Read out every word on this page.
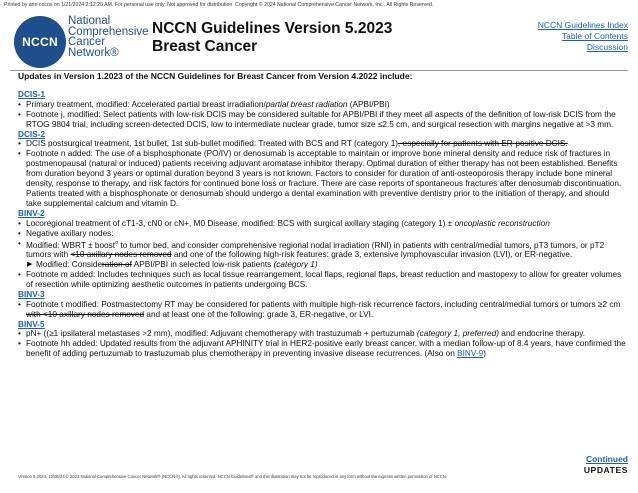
Printed by ann cocos on 1/21/2024 2:12:20 AM. For personal use only. Not approved for distribution. Copyright © 2024 National Comprehensive Cancer Network, Inc., All Rights Reserved.
NCCN
National
Comprehensive
Cancer
Network®
NCCN Guidelines Version 5.2023
Breast Cancer
NCCN Guidelines Index
Table of Contents
Discussion
Updates in Version 1.2023 of the NCCN Guidelines for Breast Cancer from Version 4.2022 include:
DCIS-1
• Primary treatment, modified: Accelerated partial breast irradiation/partial breast radiation (APBI/PBI)
• Footnote j, modified: Select patients with low-risk DCIS may be considered suitable for APBI/PBI if they meet all aspects of the definition of low-risk DCIS from the RTOG 9804 trial, including screen-detected DCIS, low to intermediate nuclear grade, tumor size ≤2.5 cm, and surgical resection with margins negative at >3 mm.
DCIS-2
• DCIS postsurgical treatment, 1st bullet, 1st sub-bullet modified: Treated with BCS and RT (category 1), especially for patients with ER-positive DCIS.
• Footnote n added: The use of a bisphosphonate (PO/IV) or denosumab is acceptable to maintain or improve bone mineral density and reduce risk of fractures in postmenopausal (natural or induced) patients receiving adjuvant aromatase inhibitor therapy. Optimal duration of either therapy has not been established. Benefits from duration beyond 3 years or optimal duration beyond 3 years is not known. Factors to consider for duration of anti-osteoporosis therapy include bone mineral density, response to therapy, and risk factors for continued bone loss or fracture. There are case reports of spontaneous fractures after denosumab discontinuation. Patients treated with a bisphosphonate or denosumab should undergo a dental examination with preventive dentistry prior to the initiation of therapy, and should take supplemental calcium and vitamin D.
BINV-2
• Locoregional treatment of cT1-3, cN0 or cN+, M0 Disease, modified: BCS with surgical axillary staging (category 1) ± oncoplastic reconstruction
• Negative axillary nodes:
• Modified: WBRT ± boost$^o$ to tumor bed, and consider comprehensive regional nodal irradiation (RNI) in patients with central/medial tumors, pT3 tumors, or pT2 tumors with <10 axillary nodes removed and one of the following high-risk features: grade 3, extensive lymphovascular invasion (LVI), or ER-negative.
▶ Modified: Consideration of APBI/PBI in selected low-risk patients (category 1)
• Footnote m added: Includes techniques such as local tissue rearrangement, local flaps, regional flaps, breast reduction and mastopexy to allow for greater volumes of resection while optimizing aesthetic outcomes in patients undergoing BCS.
BINV-3
• Footnote t modified: Postmastectomy RT may be considered for patients with multiple high-risk recurrence factors, including central/medial tumors or tumors ≥2 cm with <10 axillary nodes removed and at least one of the following: grade 3, ER-negative, or LVI.
BINV-5
• pN+ ((≥1 ipsilateral metastases >2 mm), modified: Adjuvant chemotherapy with trastuzumab + pertuzumab (category 1, preferred) and endocrine therapy.
• Footnote hh added: Updated results from the adjuvant APHINITY trial in HER2-positive early breast cancer, with a median follow-up of 8.4 years, have confirmed the benefit of adding pertuzumab to trastuzumab plus chemotherapy in preventing invasive disease recurrences. (Also on BINV-9)
Continued
UPDATES
Version 5.2023, 12/05/23 © 2023 National Comprehensive Cancer Network® (NCCN®), All rights reserved. NCCN Guidelines® and this illustration may not be reproduced in any form without the express written permission of NCCN.
